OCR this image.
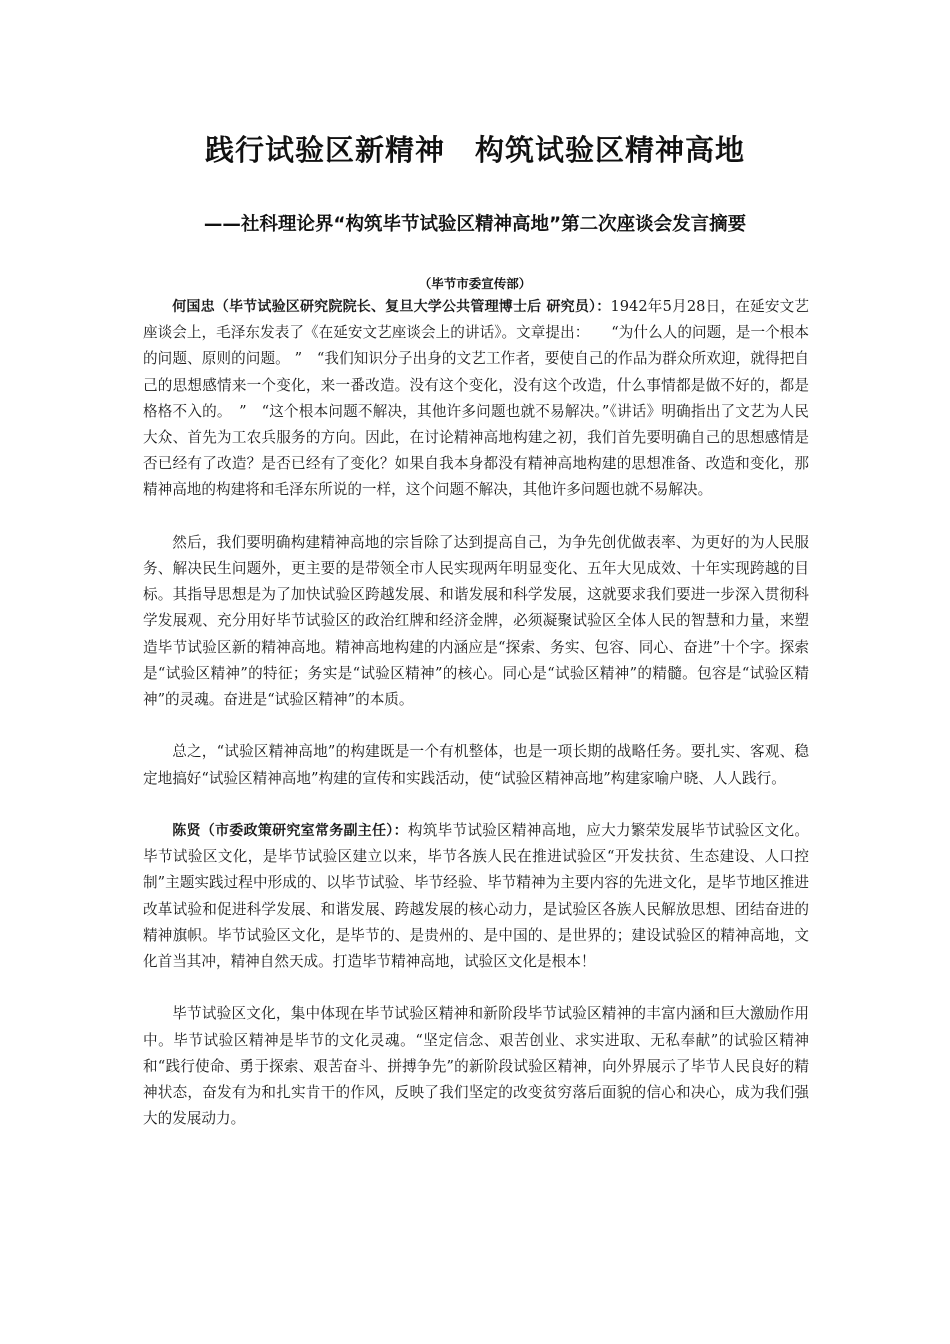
践行试验区新精神　构筑试验区精神高地
——社科理论界“构筑毕节试验区精神高地”第二次座谈会发言摘要
（毕节市委宣传部）

何国忠（毕节试验区研究院院长、复旦大学公共管理博士后 研究员）：1942年5月28日，在延安文艺座谈会上，毛泽东发表了《在延安文艺座谈会上的讲话》。文章提出：　　“为什么人的问题，是一个根本的问题、原则的问题。 ”　“我们知识分子出身的文艺工作者，要使自己的作品为群众所欢迎，就得把自己的思想感情来一个变化，来一番改造。没有这个变化，没有这个改造，什么事情都是做不好的，都是格格不入的。　”　“这个根本问题不解决，其他许多问题也就不易解决。”《讲话》明确指出了文艺为人民大众、首先为工农兵服务的方向。因此，在讨论精神高地构建之初，我们首先要明确自己的思想感情是否已经有了改造？是否已经有了变化？如果自我本身都没有精神高地构建的思想准备、改造和变化，那精神高地的构建将和毛泽东所说的一样，这个问题不解决，其他许多问题也就不易解决。

然后，我们要明确构建精神高地的宗旨除了达到提高自己，为争先创优做表率、为更好的为人民服务、解决民生问题外，更主要的是带领全市人民实现两年明显变化、五年大见成效、十年实现跨越的目标。其指导思想是为了加快试验区跨越发展、和谐发展和科学发展，这就要求我们要进一步深入贯彻科学发展观、充分用好毕节试验区的政治红牌和经济金牌，必须凝聚试验区全体人民的智慧和力量，来塑造毕节试验区新的精神高地。精神高地构建的内涵应是“探索、务实、包容、同心、奋进”十个字。探索是“试验区精神”的特征；务实是“试验区精神”的核心。同心是“试验区精神”的精髓。包容是“试验区精神”的灵魂。奋进是“试验区精神”的本质。

总之，“试验区精神高地”的构建既是一个有机整体，也是一项长期的战略任务。要扎实、客观、稳定地搞好“试验区精神高地”构建的宣传和实践活动，使“试验区精神高地”构建家喻户晓、人人践行。

陈贤（市委政策研究室常务副主任）：构筑毕节试验区精神高地，应大力繁荣发展毕节试验区文化。毕节试验区文化，是毕节试验区建立以来，毕节各族人民在推进试验区“开发扶贫、生态建设、人口控制”主题实践过程中形成的、以毕节试验、毕节经验、毕节精神为主要内容的先进文化，是毕节地区推进改革试验和促进科学发展、和谐发展、跨越发展的核心动力，是试验区各族人民解放思想、团结奋进的精神旗帜。毕节试验区文化，是毕节的、是贵州的、是中国的、是世界的；建设试验区的精神高地，文化首当其冲，精神自然天成。打造毕节精神高地，试验区文化是根本！

毕节试验区文化，集中体现在毕节试验区精神和新阶段毕节试验区精神的丰富内涵和巨大激励作用中。毕节试验区精神是毕节的文化灵魂。“坚定信念、艰苦创业、求实进取、无私奉献”的试验区精神和“践行使命、勇于探索、艰苦奋斗、拼搏争先”的新阶段试验区精神，向外界展示了毕节人民良好的精神状态，奋发有为和扎实肯干的作风，反映了我们坚定的改变贫穷落后面貌的信心和决心，成为我们强大的发展动力。
